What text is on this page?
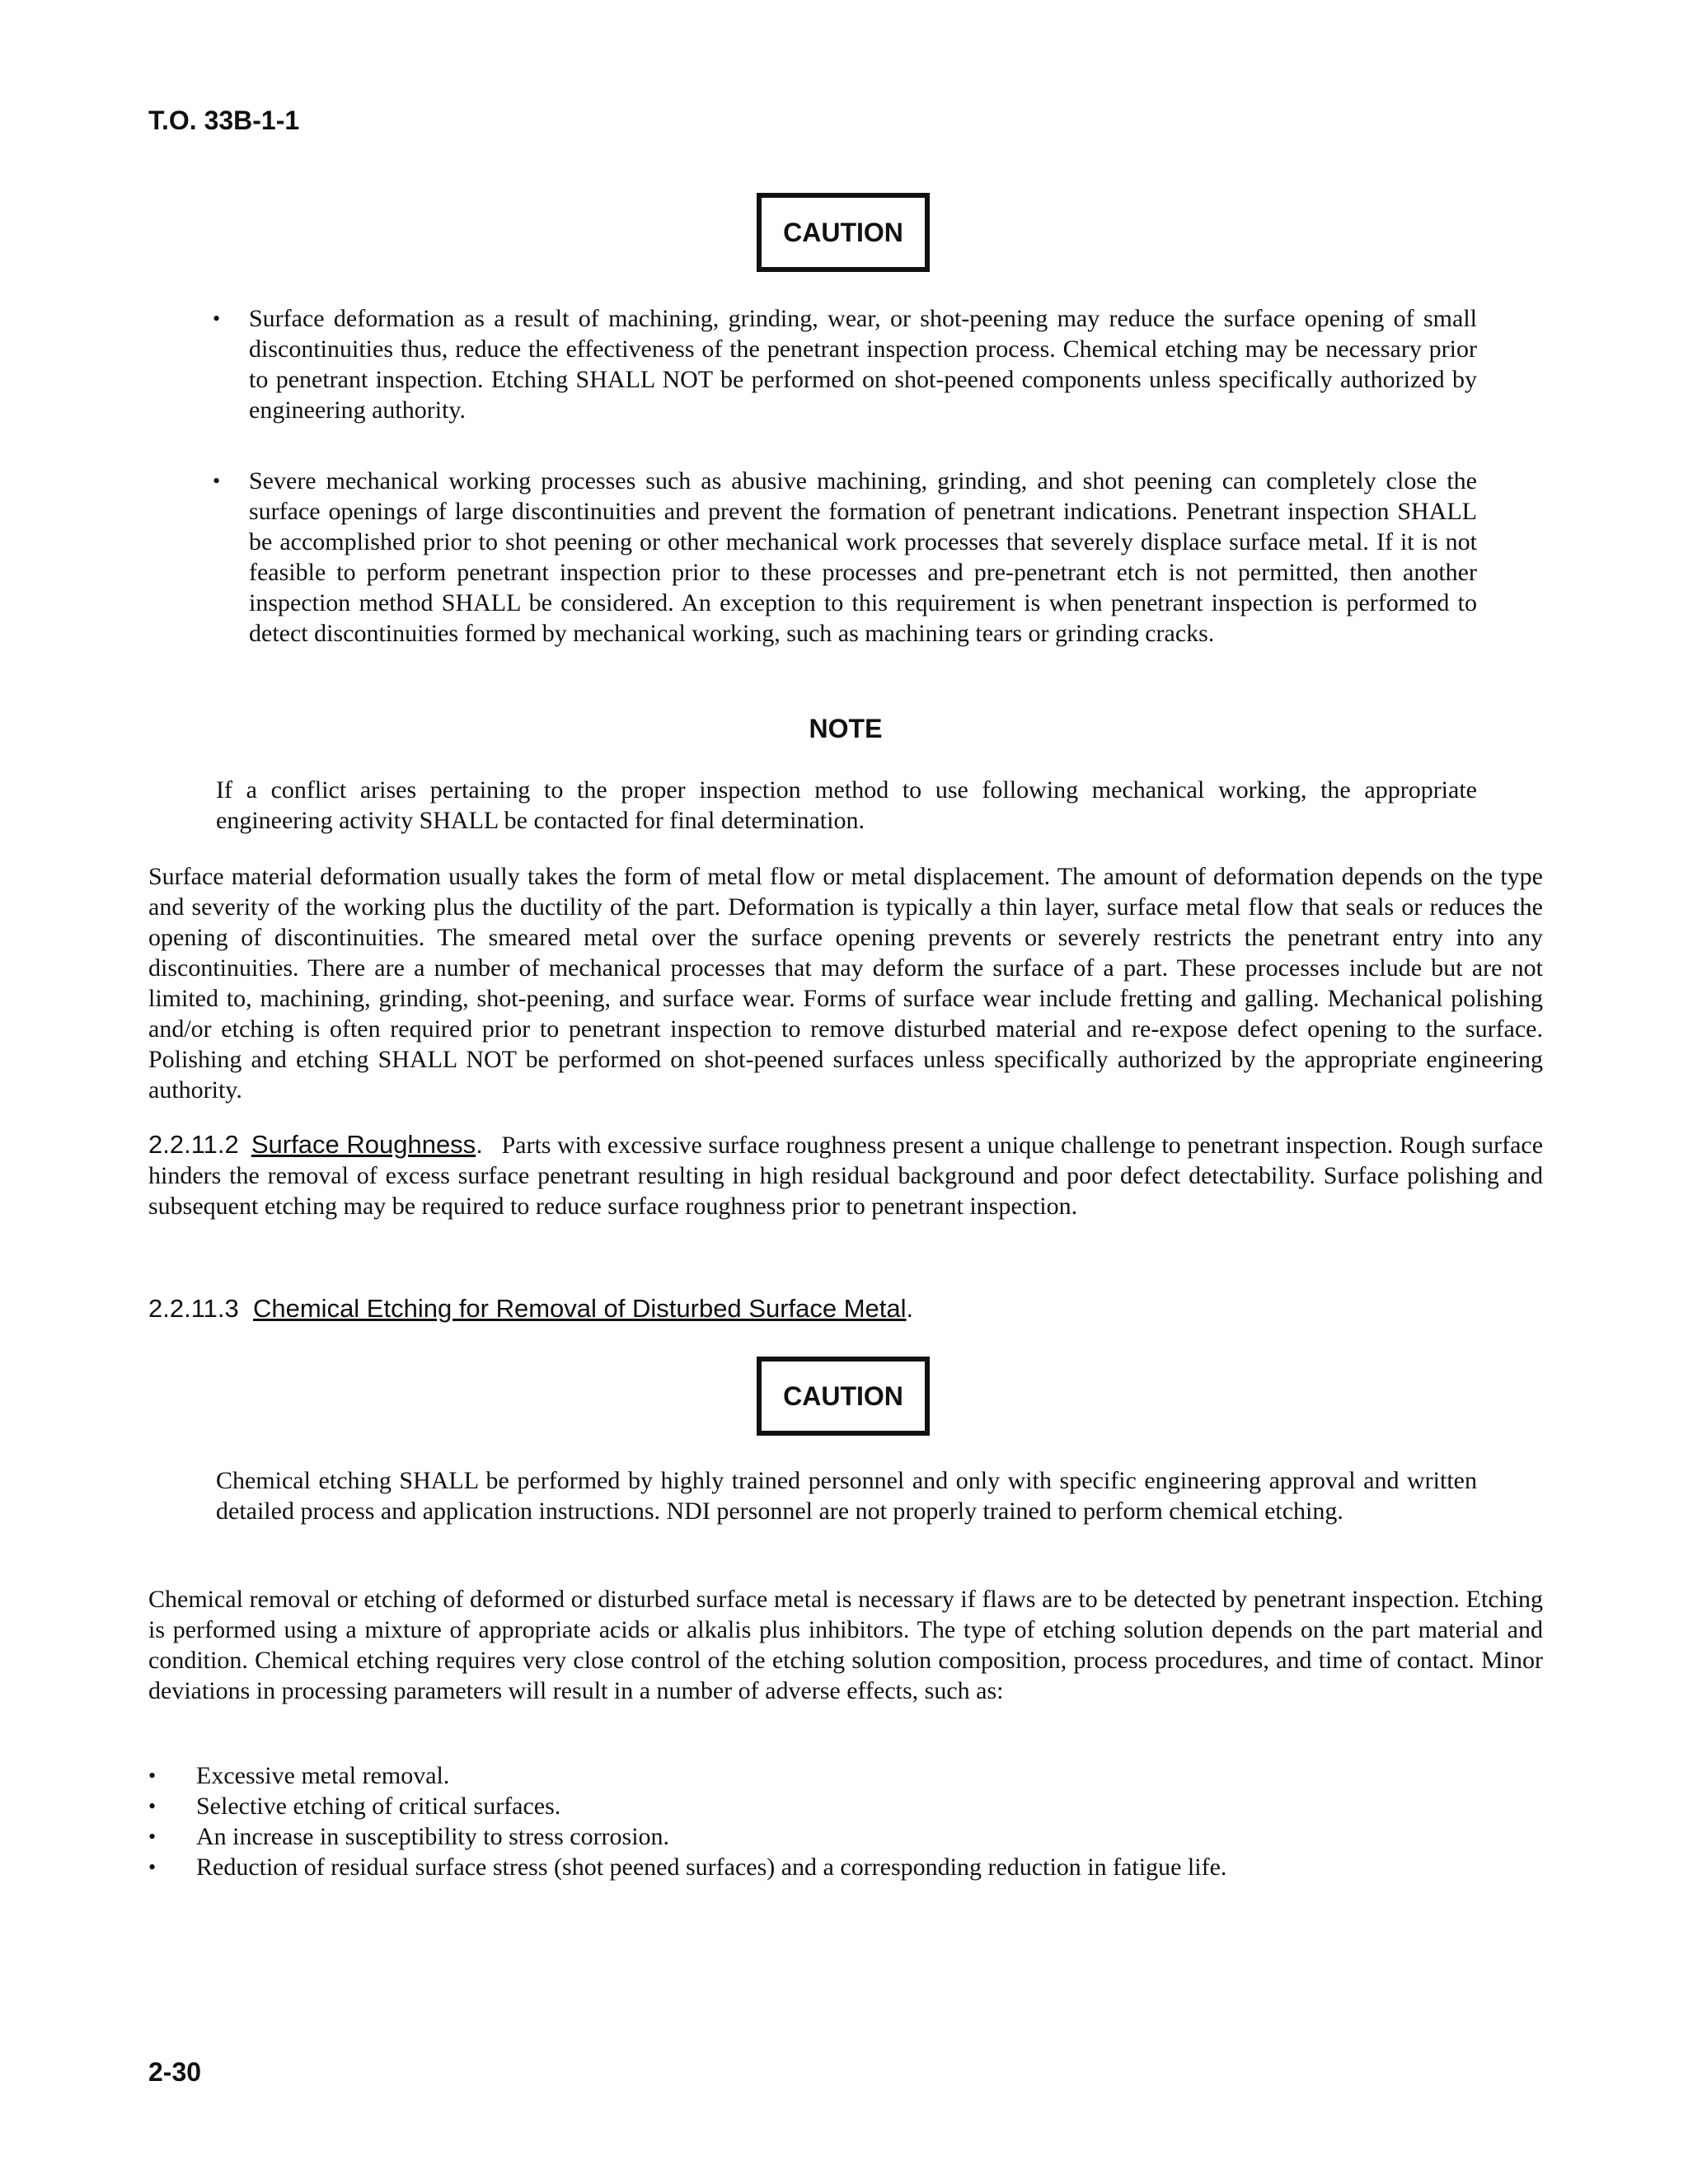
T.O. 33B-1-1
CAUTION
•	Surface deformation as a result of machining, grinding, wear, or shot-peening may reduce the surface opening of small discontinuities thus, reduce the effectiveness of the penetrant inspection process. Chemical etching may be necessary prior to penetrant inspection. Etching SHALL NOT be performed on shot-peened components unless specifically authorized by engineering authority.
•	Severe mechanical working processes such as abusive machining, grinding, and shot peening can completely close the surface openings of large discontinuities and prevent the formation of penetrant indications. Penetrant inspection SHALL be accomplished prior to shot peening or other mechanical work processes that severely displace surface metal. If it is not feasible to perform penetrant inspection prior to these processes and pre-penetrant etch is not permitted, then another inspection method SHALL be considered. An exception to this requirement is when penetrant inspection is performed to detect discontinuities formed by mechanical working, such as machining tears or grinding cracks.
NOTE

If a conflict arises pertaining to the proper inspection method to use following mechanical working, the appropriate engineering activity SHALL be contacted for final determination.

Surface material deformation usually takes the form of metal flow or metal displacement. The amount of deformation depends on the type and severity of the working plus the ductility of the part. Deformation is typically a thin layer, surface metal flow that seals or reduces the opening of discontinuities. The smeared metal over the surface opening prevents or severely restricts the penetrant entry into any discontinuities. There are a number of mechanical processes that may deform the surface of a part. These processes include but are not limited to, machining, grinding, shot-peening, and surface wear. Forms of surface wear include fretting and galling. Mechanical polishing and/or etching is often required prior to penetrant inspection to remove disturbed material and re-expose defect opening to the surface. Polishing and etching SHALL NOT be performed on shot-peened surfaces unless specifically authorized by the appropriate engineering authority.

2.2.11.2 Surface Roughness. Parts with excessive surface roughness present a unique challenge to penetrant inspection. Rough surface hinders the removal of excess surface penetrant resulting in high residual background and poor defect detectability. Surface polishing and subsequent etching may be required to reduce surface roughness prior to penetrant inspection.

2.2.11.3 Chemical Etching for Removal of Disturbed Surface Metal.
CAUTION

Chemical etching SHALL be performed by highly trained personnel and only with specific engineering approval and written detailed process and application instructions. NDI personnel are not properly trained to perform chemical etching.

Chemical removal or etching of deformed or disturbed surface metal is necessary if flaws are to be detected by penetrant inspection. Etching is performed using a mixture of appropriate acids or alkalis plus inhibitors. The type of etching solution depends on the part material and condition. Chemical etching requires very close control of the etching solution composition, process procedures, and time of contact. Minor deviations in processing parameters will result in a number of adverse effects, such as:

•	Excessive metal removal.
•	Selective etching of critical surfaces.
•	An increase in susceptibility to stress corrosion.
•	Reduction of residual surface stress (shot peened surfaces) and a corresponding reduction in fatigue life.
2-30
